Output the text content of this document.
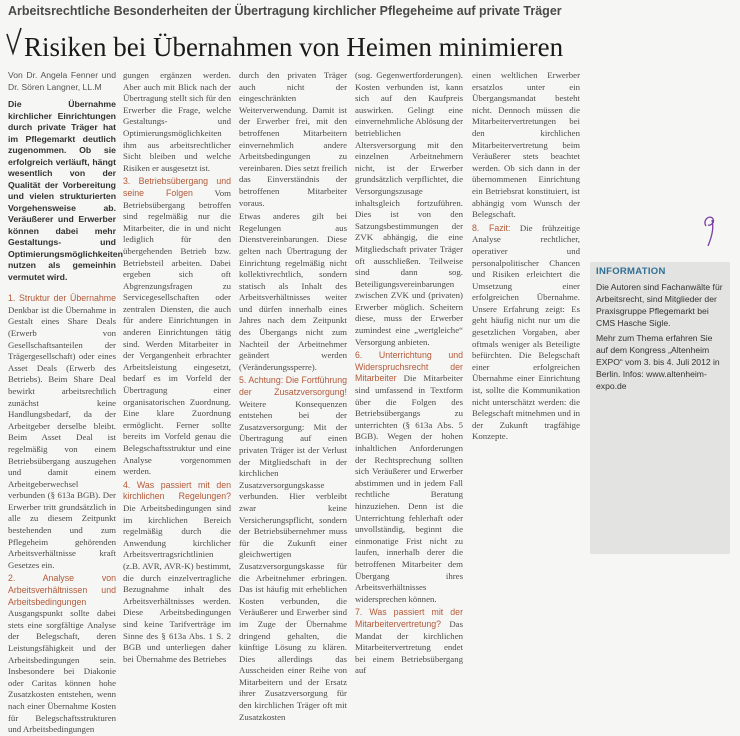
Arbeitsrechtliche Besonderheiten der Übertragung kirchlicher Pflegeheime auf private Träger
Risiken bei Übernahmen von Heimen minimieren

Von Dr. Angela Fenner und Dr. Sören Langner, LL.M

Die Übernahme kirchlicher Einrichtungen durch private Träger hat im Pflegemarkt deutlich zugenommen. Ob sie erfolgreich verläuft, hängt wesentlich von der Qualität der Vorbereitung und vielen strukturierten Vorgehensweise ab. Veräußerer und Erwerber können dabei mehr Gestaltungs- und Optimierungsmöglichkeiten nutzen als gemeinhin vermutet wird.

1. Struktur der Übernahme Denkbar ist die Übernahme in Gestalt eines Share Deals (Erwerb von Gesellschaftsanteilen der Trägergesellschaft) oder eines Asset Deals (Erwerb des Betriebs). Beim Share Deal bewirkt arbeitsrechtlich zunächst keine Handlungsbedarf, da der Arbeitgeber derselbe bleibt. Beim Asset Deal ist regelmäßig von einem Betriebsübergang auszugehen und damit einem Arbeitgeberwechsel verbunden (§ 613a BGB). Der Erwerber tritt grundsätzlich in alle zu diesem Zeitpunkt bestehenden und zum Pflegeheim gehörenden Arbeitsverhältnisse kraft Gesetzes ein.

2. Analyse von Arbeitsverhältnissen und Arbeitsbedingungen Ausgangspunkt sollte dabei stets eine sorgfältige Analyse der Belegschaft, deren Leistungsfähigkeit und der Arbeitsbedingungen sein. Insbesondere bei Diakonie oder Caritas können hohe Zusatzkosten entstehen, wenn nach einer Übernahme Kosten für Belegschaftsstrukturen und Arbeitsbedingungen

gungen ergänzen werden. Aber auch mit Blick nach der Übertragung stellt sich für den Erwerber die Frage, welche Gestaltungs- und Optimierungsmöglichkeiten ihm aus arbeitsrechtlicher Sicht bleiben und welche Risiken er ausgesetzt ist.

3. Betriebsübergang und seine Folgen Vom Betriebsübergang betroffen sind regelmäßig nur die Mitarbeiter, die in und nicht lediglich für den übergehenden Betrieb bzw. Betriebsteil arbeiten. Dabei ergeben sich oft Abgrenzungsfragen zu Servicegesellschaften oder zentralen Diensten, die auch für andere Einrichtungen in anderen Einrichtungen tätig sind. Werden Mitarbeiter in der Vergangenheit erbrachter Arbeitsleistung eingesetzt, bedarf es im Vorfeld der Übertragung einer organisatorischen Zuordnung. Eine klare Zuordnung ermöglicht. Ferner sollte bereits im Vorfeld genau die Belegschaftsstruktur und eine Analyse vorgenommen werden.

4. Was passiert mit den kirchlichen Regelungen? Die Arbeitsbedingungen sind im kirchlichen Bereich regelmäßig durch die Anwendung kirchlicher Arbeitsvertragsrichtlinien (z.B. AVR, AVR-K) bestimmt, die durch einzelvertragliche Bezugnahme inhalt des Arbeitsverhältnisses werden. Diese Arbeitsbedingungen sind keine Tarifverträge im Sinne des § 613a Abs. 1 S. 2 BGB und unterliegen daher bei Übernahme des Betriebes

durch den privaten Träger auch nicht der eingeschränkten Weiterverwendung. Damit ist der Erwerber frei, mit den betroffenen Mitarbeitern einvernehmlich andere Arbeitsbedingungen zu vereinbaren. Dies setzt freilich das Einverständnis der betroffenen Mitarbeiter voraus.

Etwas anderes gilt bei Regelungen aus Dienstvereinbarungen. Diese gelten nach Übertragung der Einrichtung regelmäßig nicht kollektivrechtlich, sondern statisch als Inhalt des Arbeitsverhältnisses weiter und dürfen innerhalb eines Jahres nach dem Zeitpunkt des Übergangs nicht zum Nachteil der Arbeitnehmer geändert werden (Veränderungssperre).

5. Achtung: Die Fortführung der Zusatzversorgung! Weitere Konsequenzen entstehen bei der Zusatzversorgung: Mit der Übertragung auf einen privaten Träger ist der Verlust der Mitgliedschaft in der kirchlichen Zusatzversorgungskasse verbunden. Hier verbleibt zwar keine Versicherungspflicht, sondern der Betriebsübernehmer muss für die Zukunft einer gleichwertigen Zusatzversorgungskasse für die Arbeitnehmer erbringen. Das ist häufig mit erheblichen Kosten verbunden, die Veräußerer und Erwerber sind im Zuge der Übernahme dringend gehalten, die künftige Lösung zu klären. Dies allerdings das Ausscheiden einer Reihe von Mitarbeitern und der Ersatz ihrer Zusatzversorgung für den kirchlichen Träger oft mit Zusatzkosten

(sog. Gegenwertforderungen). Kosten verbunden ist, kann sich auf den Kaufpreis auswirken. Gelingt eine einvernehmliche Ablösung der betrieblichen Altersversorgung mit den einzelnen Arbeitnehmern nicht, ist der Erwerber grundsätzlich verpflichtet, die Versorgungszusage inhaltsgleich fortzuführen. Dies ist von den Satzungsbestimmungen der ZVK abhängig, die eine Mitgliedschaft privater Träger oft ausschließen. Teilweise sind dann sog. Beteiligungsvereinbarungen zwischen ZVK und (privaten) Erwerber möglich. Scheitern diese, muss der Erwerber zumindest eine „wertgleiche“ Versorgung anbieten.

6. Unterrichtung und Widerspruchsrecht der Mitarbeiter Die Mitarbeiter sind umfassend in Textform über die Folgen des Betriebsübergangs zu unterrichten (§ 613a Abs. 5 BGB). Wegen der hohen inhaltlichen Anforderungen der Rechtsprechung sollten sich Veräußerer und Erwerber abstimmen und in jedem Fall rechtliche Beratung hinzuziehen. Denn ist die Unterrichtung fehlerhaft oder unvollständig, beginnt die einmonatige Frist nicht zu laufen, innerhalb derer die betroffenen Mitarbeiter dem Übergang ihres Arbeitsverhältnisses widersprechen können.

7. Was passiert mit der Mitarbeitervertretung? Das Mandat der kirchlichen Mitarbeitervertretung endet bei einem Betriebsübergang auf

einen weltlichen Erwerber ersatzlos unter ein Übergangsmandat besteht nicht. Dennoch müssen die Mitarbeitervertretungen bei den kirchlichen Mitarbeitervertretung beim Veräußerer stets beachtet werden. Ob sich dann in der übernommenen Einrichtung ein Betriebsrat konstituiert, ist abhängig vom Wunsch der Belegschaft.

8. Fazit: Die frühzeitige Analyse rechtlicher, operativer und personalpolitischer Chancen und Risiken erleichtert die Umsetzung einer erfolgreichen Übernahme. Unsere Erfahrung zeigt: Es geht häufig nicht nur um die gesetzlichen Vorgaben, aber oftmals weniger als Beteiligte befürchten. Die Belegschaft einer erfolgreichen Übernahme einer Einrichtung ist, sollte die Kommunikation nicht unterschätzt werden: die Belegschaft mitnehmen und in der Zukunft tragfähige Konzepte.

INFORMATION

Die Autoren sind Fachanwälte für Arbeitsrecht, sind Mitglieder der Praxisgruppe Pflegemarkt bei CMS Hasche Sigle.

Mehr zum Thema erfahren Sie auf dem Kongress „Altenheim EXPO“ vom 3. bis 4. Juli 2012 in Berlin. Infos: www.altenheim-expo.de
